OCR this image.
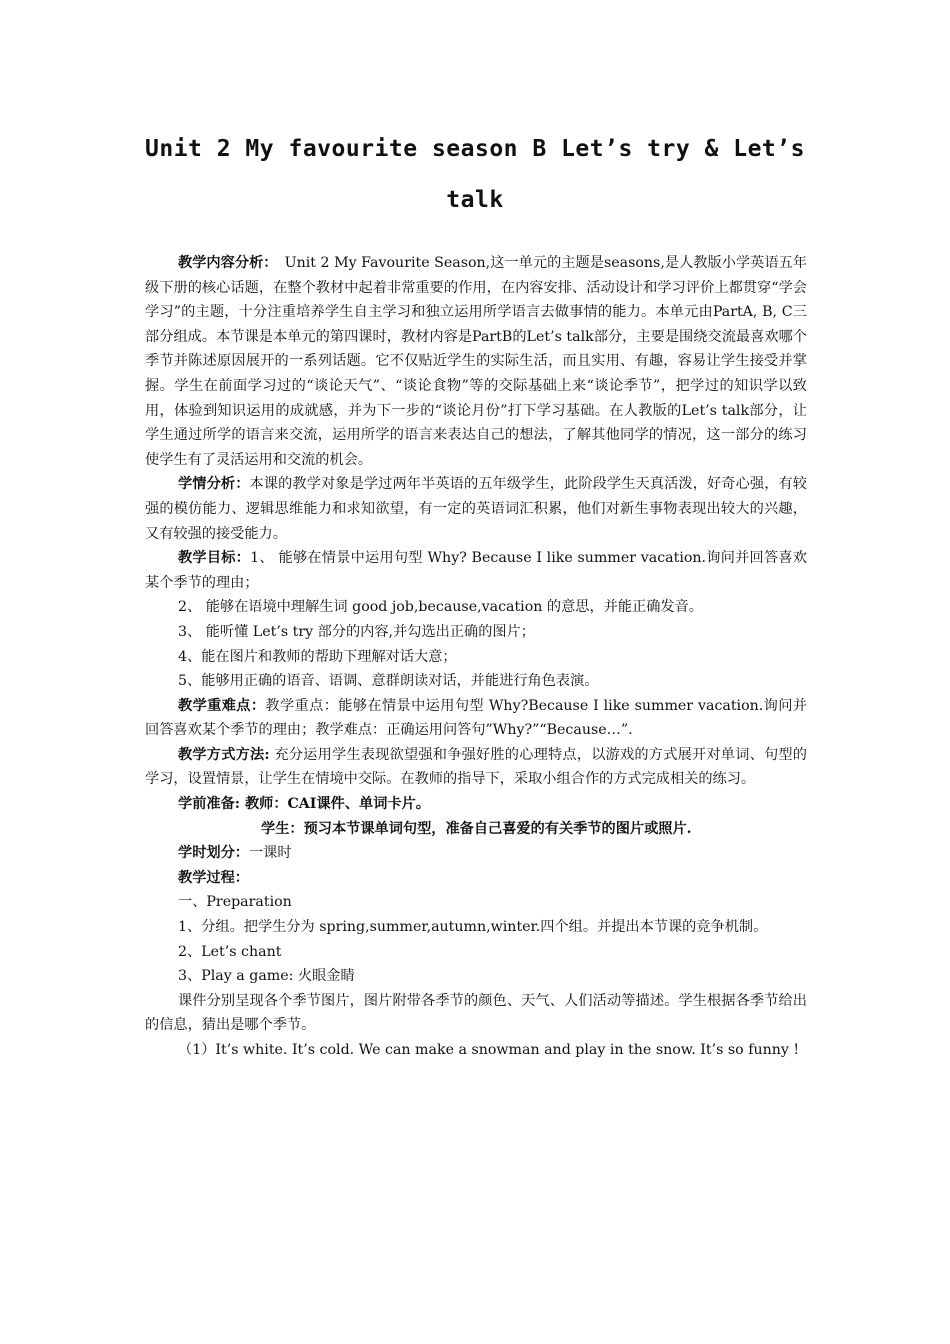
Unit 2 My favourite season B Let’s try & Let’s
talk

教学内容分析：　Unit 2 My Favourite Season,这一单元的主题是seasons,是人教版小学英语五年级下册的核心话题，在整个教材中起着非常重要的作用，在内容安排、活动设计和学习评价上都贯穿“学会学习”的主题，十分注重培养学生自主学习和独立运用所学语言去做事情的能力。本单元由PartA, B, C三部分组成。本节课是本单元的第四课时，教材内容是PartB的Let’s talk部分，主要是围绕交流最喜欢哪个季节并陈述原因展开的一系列话题。它不仅贴近学生的实际生活，而且实用、有趣，容易让学生接受并掌握。学生在前面学习过的“谈论天气”、“谈论食物”等的交际基础上来“谈论季节”，把学过的知识学以致用，体验到知识运用的成就感，并为下一步的“谈论月份”打下学习基础。在人教版的Let’s talk部分，让学生通过所学的语言来交流，运用所学的语言来表达自己的想法，了解其他同学的情况，这一部分的练习使学生有了灵活运用和交流的机会。

学情分析：本课的教学对象是学过两年半英语的五年级学生，此阶段学生天真活泼，好奇心强，有较强的模仿能力、逻辑思维能力和求知欲望，有一定的英语词汇积累，他们对新生事物表现出较大的兴趣，又有较强的接受能力。

教学目标：1、 能够在情景中运用句型 Why? Because I like summer vacation.询问并回答喜欢某个季节的理由；

2、 能够在语境中理解生词 good job,because,vacation 的意思，并能正确发音。

3、 能听懂 Let’s try 部分的内容,并勾选出正确的图片；

4、能在图片和教师的帮助下理解对话大意；

5、能够用正确的语音、语调、意群朗读对话，并能进行角色表演。

教学重难点：教学重点：能够在情景中运用句型 Why?Because I like summer vacation.询问并回答喜欢某个季节的理由；教学难点：正确运用问答句”Why?”“Because…”.

教学方式方法: 充分运用学生表现欲望强和争强好胜的心理特点，以游戏的方式展开对单词、句型的学习，设置情景，让学生在情境中交际。在教师的指导下，采取小组合作的方式完成相关的练习。

学前准备: 教师：CAI课件、单词卡片。

学生：预习本节课单词句型，准备自己喜爱的有关季节的图片或照片.

学时划分：一课时

教学过程：

一、Preparation

1、分组。把学生分为 spring,summer,autumn,winter.四个组。并提出本节课的竞争机制。

2、Let’s chant

3、Play a game: 火眼金睛

课件分别呈现各个季节图片，图片附带各季节的颜色、天气、人们活动等描述。学生根据各季节给出的信息，猜出是哪个季节。

（1）It’s white. It’s cold. We can make a snowman and play in the snow. It’s so funny !
